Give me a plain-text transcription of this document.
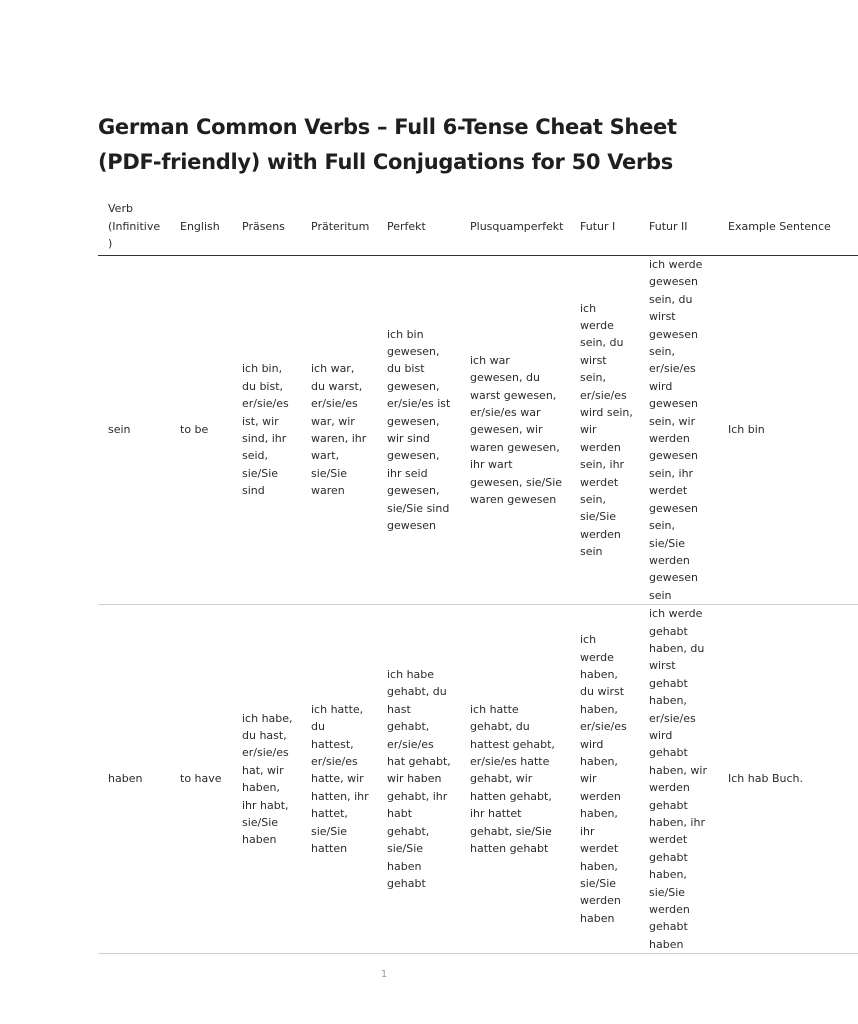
German Common Verbs – Full 6-Tense Cheat Sheet (PDF-friendly) with Full Conjugations for 50 Verbs
Verb (Infinitive)	English	Präsens	Präteritum	Perfekt	Plusquamperfekt	Futur I	Futur II	Example Sentence
sein	to be	ich bin, du bist, er/sie/es ist, wir sind, ihr seid, sie/Sie sind	ich war, du warst, er/sie/es war, wir waren, ihr wart, sie/Sie waren	ich bin gewesen, du bist gewesen, er/sie/es ist gewesen, wir sind gewesen, ihr seid gewesen, sie/Sie sind gewesen	ich war gewesen, du warst gewesen, er/sie/es war gewesen, wir waren gewesen, ihr wart gewesen, sie/Sie waren gewesen	ich werde sein, du wirst sein, er/sie/es wird sein, wir werden sein, ihr werdet sein, sie/Sie werden sein	ich werde gewesen sein, du wirst gewesen sein, er/sie/es wird gewesen sein, wir werden gewesen sein, ihr werdet gewesen sein, sie/Sie werden gewesen sein	Ich bin
haben	to have	ich habe, du hast, er/sie/es hat, wir haben, ihr habt, sie/Sie haben	ich hatte, du hattest, er/sie/es hatte, wir hatten, ihr hattet, sie/Sie hatten	ich habe gehabt, du hast gehabt, er/sie/es hat gehabt, wir haben gehabt, ihr habt gehabt, sie/Sie haben gehabt	ich hatte gehabt, du hattest gehabt, er/sie/es hatte gehabt, wir hatten gehabt, ihr hattet gehabt, sie/Sie hatten gehabt	ich werde haben, du wirst haben, er/sie/es wird haben, wir werden haben, ihr werdet haben, sie/Sie werden haben	ich werde gehabt haben, du wirst gehabt haben, er/sie/es wird gehabt haben, wir werden gehabt haben, ihr werdet gehabt haben, sie/Sie werden gehabt haben	Ich hab Buch.
1
